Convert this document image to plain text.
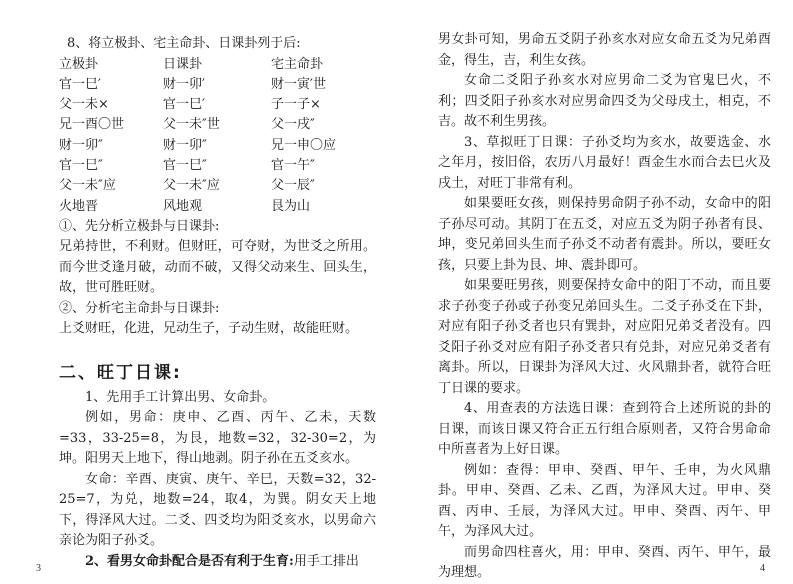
8、将立极卦、宅主命卦、日课卦列于后:

立极卦	日课卦	宅主命卦
官一巳′	财一卯′	财一寅′世
父一未×	官一巳′	子一子×
兄一酉〇世	父一未″世	父一戌″
财一卯″	财一卯″	兄一申〇应
官一巳″	官一巳″	官一午″
父一未″应	父一未″应	父一辰″
火地晋	风地观	艮为山

①、先分析立极卦与日课卦:

兄弟持世，不利财。但财旺，可夺财，为世爻之所用。而今世爻逢月破，动而不破，又得父动来生、回头生，故，世可胜旺财。

②、分析宅主命卦与日课卦:

上爻财旺，化进，兄动生子，子动生财，故能旺财。

二、旺丁日课:

1、先用手工计算出男、女命卦。

例如，男命：庚申、乙酉、丙午、乙未，天数=33，33-25=8，为艮，地数=32，32-30=2，为坤。阳男天上地下，得山地剥。阴子孙在五爻亥水。

女命：辛酉、庚寅、庚午、辛巳，天数=32，32-25=7，为兑，地数=24，取4，为巽。阴女天上地下，得泽风大过。二爻、四爻均为阳爻亥水，以男命六亲论为阳子孙爻。

2、看男女命卦配合是否有利于生育:用手工排出

3

男女卦可知，男命五爻阴子孙亥水对应女命五爻为兄弟酉金，得生，吉，利生女孩。

女命二爻阳子孙亥水对应男命二爻为官鬼巳火，不利；四爻阳子孙亥水对应男命四爻为父母戌土，相克，不吉。故不利生男孩。

3、草拟旺丁日课：子孙爻均为亥水，故要选金、水之年月，按旧俗，农历八月最好！酉金生水而合去巳火及戌土，对旺丁非常有利。

如果要旺女孩，则保持男命阴子孙不动，女命中的阳子孙尽可动。其阴丁在五爻，对应五爻为阴子孙者有艮、坤，变兄弟回头生而子孙爻不动者有震卦。所以，要旺女孩，只要上卦为艮、坤、震卦即可。

如果要旺男孩，则要保持女命中的阳丁不动，而且要求子孙变子孙或子孙变兄弟回头生。二爻子孙爻在下卦，对应有阳子孙爻者也只有巽卦，对应阳兄弟爻者没有。四爻阳子孙爻对应有阳子孙爻者只有兑卦，对应兄弟爻者有离卦。所以，日课卦为泽风大过、火风鼎卦者，就符合旺丁日课的要求。

4、用查表的方法选日课：查到符合上述所说的卦的日课，而该日课又符合正五行组合原则者，又符合男命命中所喜者为上好日课。

例如：查得：甲申、癸酉、甲午、壬申，为火风鼎卦。甲申、癸酉、乙未、乙酉，为泽风大过。甲申、癸酉、丙申、壬辰，为泽风大过。甲申、癸酉、丙午、甲午，为泽风大过。

而男命四柱喜火，用：甲申、癸酉、丙午、甲午，最为理想。	4
